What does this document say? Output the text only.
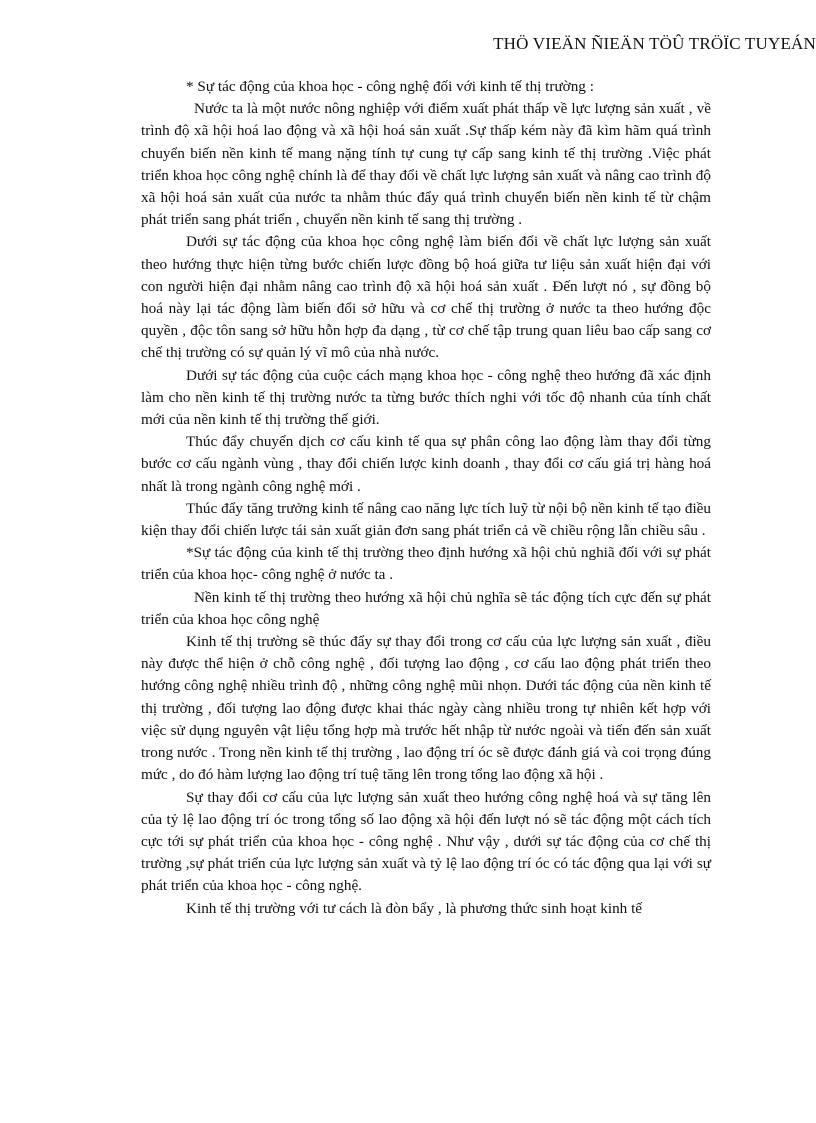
THÖ VIEÄN ÑIEÄN TÖÛ TRÖÏC TUYEÁN

* Sự tác động của khoa học - công nghệ đối với kinh tế thị trường :

Nước ta là một nước nông nghiệp với điểm xuất phát thấp về lực lượng sản xuất , về trình độ xã hội hoá lao động và xã hội hoá sản xuất .Sự thấp kém này đã kìm hãm quá trình chuyển biến nền kinh tế mang nặng tính tự cung tự cấp sang kinh tế thị trường .Việc phát triển khoa học công nghệ chính là để thay đổi về chất lực lượng sản xuất và nâng cao trình độ xã hội hoá sản xuất của nước ta nhằm thúc đẩy quá trình chuyển biến nền kinh tế từ chậm phát triển sang phát triển , chuyển nền kinh tế sang thị trường .

Dưới sự tác động của khoa học công nghệ làm biến đổi về chất lực lượng sản xuất theo hướng thực hiện từng bước chiến lược đồng bộ hoá giữa tư liệu sản xuất hiện đại với con người hiện đại nhằm nâng cao trình độ xã hội hoá sản xuất . Đến lượt nó , sự đồng bộ hoá này lại tác động làm biến đổi sở hữu và cơ chế thị trường ở nước ta theo hướng độc quyền , độc tôn sang sở hữu hỗn hợp đa dạng , từ cơ chế tập trung quan liêu bao cấp sang cơ chế thị trường có sự quản lý vĩ mô của nhà nước.

Dưới sự tác động của cuộc cách mạng khoa học - công nghệ theo hướng đã xác định làm cho nền kinh tế thị trường nước ta từng bước thích nghi với tốc độ nhanh của tính chất mới của nền kinh tế thị trường thế giới.

Thúc đẩy chuyển dịch cơ cấu kinh tế qua sự phân công lao động làm thay đổi từng bước cơ cấu ngành vùng , thay đổi chiến lược kinh doanh , thay đổi cơ cấu giá trị hàng hoá nhất là trong ngành công nghệ mới .

Thúc đẩy tăng trưởng kinh tế nâng cao năng lực tích luỹ từ nội bộ nền kinh tế tạo điều kiện thay đổi chiến lược tái sản xuất giản đơn sang phát triển cả về chiều rộng lẫn chiều sâu .

*Sự tác động của kinh tế thị trường theo định hướng xã hội chủ nghiã đối với sự phát triển của khoa học- công nghệ ở nước ta .

Nền kinh tế thị trường theo hướng xã hội chủ nghĩa sẽ tác động tích cực đến sự phát triển của khoa học công nghệ

Kinh tế thị trường sẽ thúc đẩy sự thay đổi trong cơ cấu của lực lượng sản xuất , điều này được thể hiện ở chỗ công nghệ , đối tượng lao động , cơ cấu lao động phát triển theo hướng công nghệ nhiều trình độ , những công nghệ mũi nhọn. Dưới tác động của nền kinh tế thị trường , đối tượng lao động được khai thác ngày càng nhiều trong tự nhiên kết hợp với việc sử dụng nguyên vật liệu tổng hợp mà trước hết nhập từ nước ngoài và tiến đến sản xuất trong nước . Trong nền kinh tế thị trường , lao động trí óc sẽ được đánh giá và coi trọng đúng mức , do đó hàm lượng lao động trí tuệ tăng lên trong tổng lao động xã hội .

Sự thay đổi cơ cấu của lực lượng sản xuất theo hướng công nghệ hoá và sự tăng lên của tỷ lệ lao động trí óc trong tổng số lao động xã hội đến lượt nó sẽ tác động một cách tích cực tới sự phát triển của khoa học - công nghệ . Như vậy , dưới sự tác động của cơ chế thị trường ,sự phát triển của lực lượng sản xuất và tỷ lệ lao động trí óc có tác động qua lại với sự phát triển của khoa học - công nghệ.

Kinh tế thị trường với tư cách là đòn bẩy , là phương thức sinh hoạt kinh tế
